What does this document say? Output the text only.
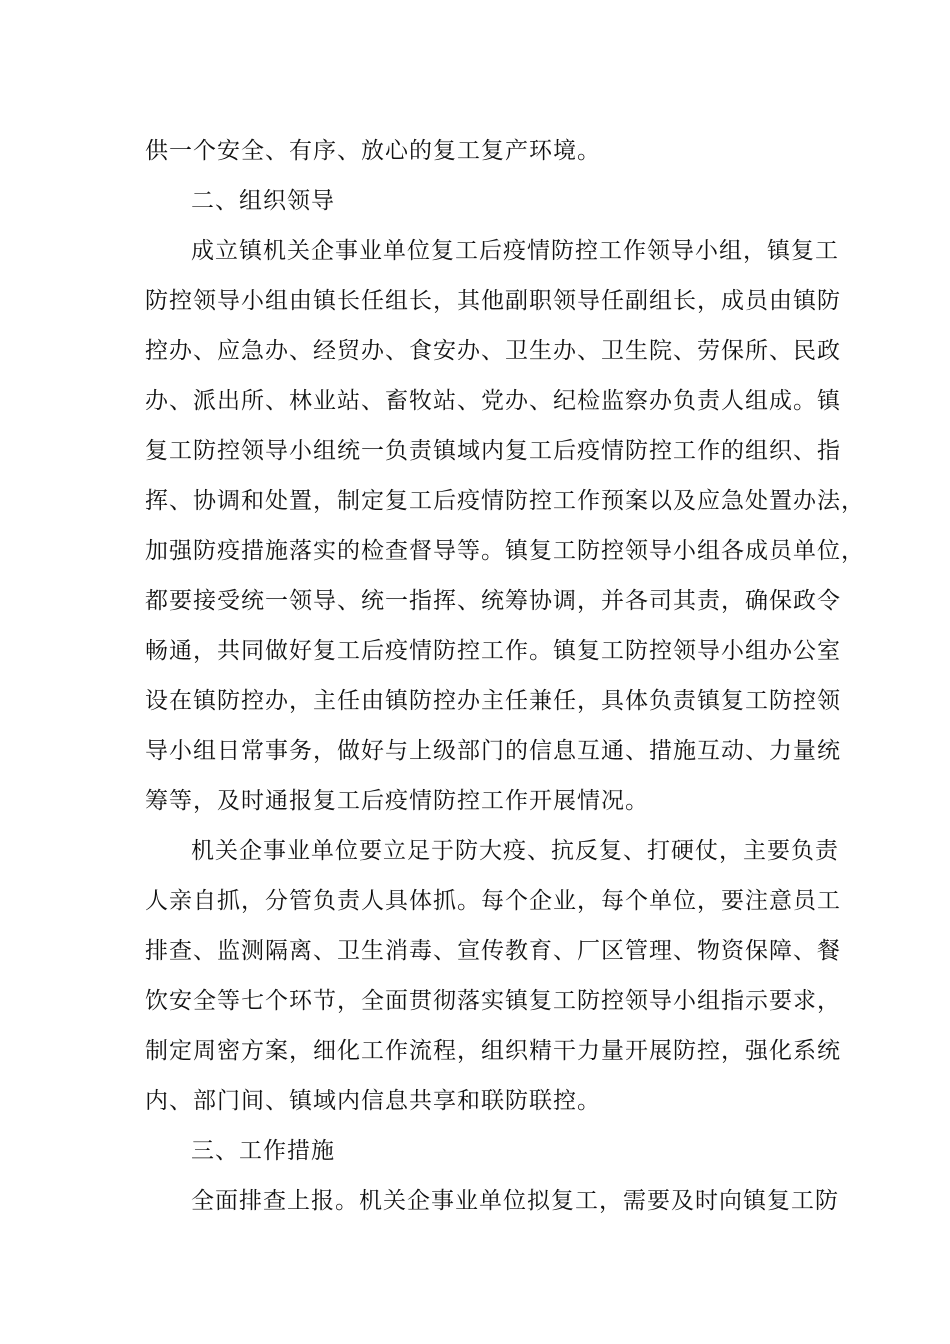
供一个安全、有序、放心的复工复产环境。
二、组织领导
成立镇机关企事业单位复工后疫情防控工作领导小组，镇复工
防控领导小组由镇长任组长，其他副职领导任副组长，成员由镇防
控办、应急办、经贸办、食安办、卫生办、卫生院、劳保所、民政
办、派出所、林业站、畜牧站、党办、纪检监察办负责人组成。镇
复工防控领导小组统一负责镇域内复工后疫情防控工作的组织、指
挥、协调和处置，制定复工后疫情防控工作预案以及应急处置办法，
加强防疫措施落实的检查督导等。镇复工防控领导小组各成员单位，
都要接受统一领导、统一指挥、统筹协调，并各司其责，确保政令
畅通，共同做好复工后疫情防控工作。镇复工防控领导小组办公室
设在镇防控办，主任由镇防控办主任兼任，具体负责镇复工防控领
导小组日常事务，做好与上级部门的信息互通、措施互动、力量统
筹等，及时通报复工后疫情防控工作开展情况。
机关企事业单位要立足于防大疫、抗反复、打硬仗，主要负责
人亲自抓，分管负责人具体抓。每个企业，每个单位，要注意员工
排查、监测隔离、卫生消毒、宣传教育、厂区管理、物资保障、餐
饮安全等七个环节，全面贯彻落实镇复工防控领导小组指示要求，
制定周密方案，细化工作流程，组织精干力量开展防控，强化系统
内、部门间、镇域内信息共享和联防联控。
三、工作措施
全面排查上报。机关企事业单位拟复工，需要及时向镇复工防
